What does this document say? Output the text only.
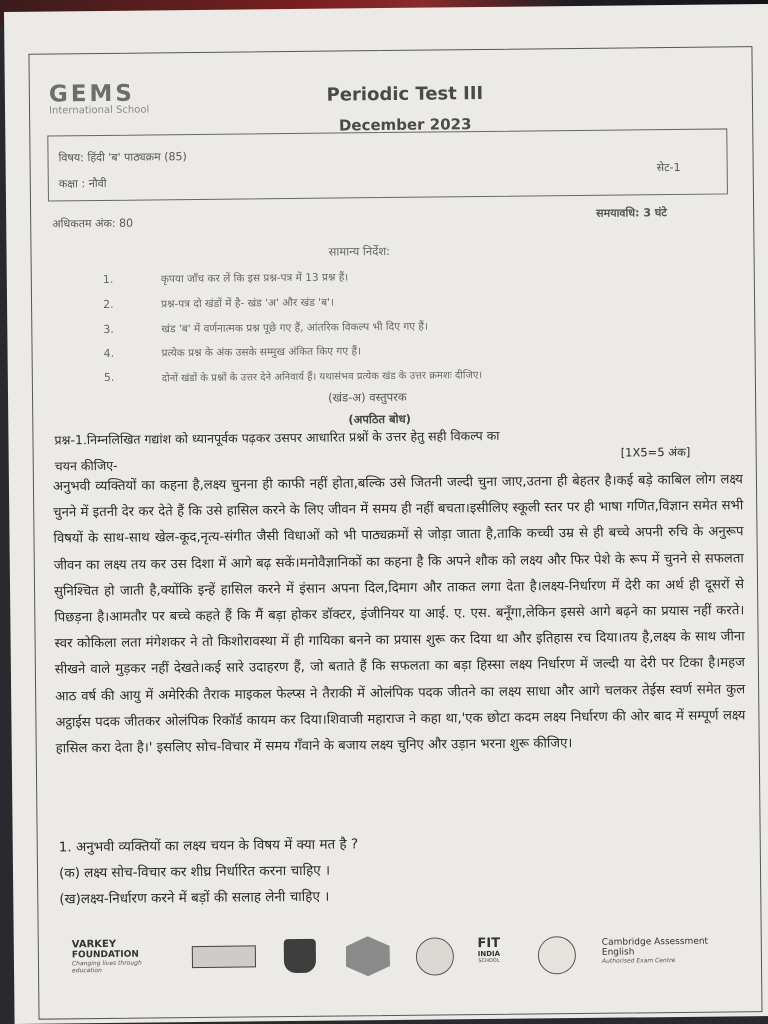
GEMS
International School
Periodic Test III
December 2023
विषय: हिंदी 'ब' पाठ्यक्रम (85)
कक्षा : नौवी
सेट-1
अधिकतम अंक: 80
समयावधि: 3 घंटे
सामान्य निर्देश:
1.	कृपया जाँच कर लें कि इस प्रश्न-पत्र में 13 प्रश्न हैं।
2.	प्रश्न-पत्र दो खंडों में है- खंड 'अ' और खंड 'ब'।
3.	खंड 'ब' में वर्णनात्मक प्रश्न पूछे गए हैं, आंतरिक विकल्प भी दिए गए हैं।
4.	प्रत्येक प्रश्न के अंक उसके सम्मुख अंकित किए गए हैं।
5.	दोनों खंडों के प्रश्नों के उत्तर देने अनिवार्य हैं। यथासंभव प्रत्येक खंड के उत्तर क्रमशः दीजिए।
(खंड-अ) वस्तुपरक
(अपठित बोध)
प्रश्न-1.निम्नलिखित गद्यांश को ध्यानपूर्वक पढ़कर उसपर आधारित प्रश्नों के उत्तर हेतु सही विकल्प का
चयन कीजिए-
[1X5=5 अंक]
अनुभवी व्यक्तियों का कहना है,लक्ष्य चुनना ही काफी नहीं होता,बल्कि उसे जितनी जल्दी चुना जाए,उतना ही बेहतर है।कई बड़े काबिल लोग लक्ष्य चुनने में इतनी देर कर देते हैं कि उसे हासिल करने के लिए जीवन में समय ही नहीं बचता।इसीलिए स्कूली स्तर पर ही भाषा गणित,विज्ञान समेत सभी विषयों के साथ-साथ खेल-कूद,नृत्य-संगीत जैसी विधाओं को भी पाठ्यक्रमों से जोड़ा जाता है,ताकि कच्ची उम्र से ही बच्चे अपनी रुचि के अनुरूप जीवन का लक्ष्य तय कर उस दिशा में आगे बढ़ सकें।मनोवैज्ञानिकों का कहना है कि अपने शौक को लक्ष्य और फिर पेशे के रूप में चुनने से सफलता सुनिश्चित हो जाती है,क्योंकि इन्हें हासिल करने में इंसान अपना दिल,दिमाग और ताकत लगा देता है।लक्ष्य-निर्धारण में देरी का अर्थ ही दूसरों से पिछड़ना है।आमतौर पर बच्चे कहते हैं कि मैं बड़ा होकर डॉक्टर, इंजीनियर या आई. ए. एस. बनूँगा,लेकिन इससे आगे बढ़ने का प्रयास नहीं करते।स्वर कोकिला लता मंगेशकर ने तो किशोरावस्था में ही गायिका बनने का प्रयास शुरू कर दिया था और इतिहास रच दिया।तय है,लक्ष्य के साथ जीना सीखने वाले मुड़कर नहीं देखते।कई सारे उदाहरण हैं, जो बताते हैं कि सफलता का बड़ा हिस्सा लक्ष्य निर्धारण में जल्दी या देरी पर टिका है।महज आठ वर्ष की आयु में अमेरिकी तैराक माइकल फेल्प्स ने तैराकी में ओलंपिक पदक जीतने का लक्ष्य साधा और आगे चलकर तेईस स्वर्ण समेत कुल अट्ठाईस पदक जीतकर ओलंपिक रिकॉर्ड कायम कर दिया।शिवाजी महाराज ने कहा था,'एक छोटा कदम लक्ष्य निर्धारण की ओर बाद में सम्पूर्ण लक्ष्य हासिल करा देता है।' इसलिए सोच-विचार में समय गँवाने के बजाय लक्ष्य चुनिए और उड़ान भरना शुरू कीजिए।
1. अनुभवी व्यक्तियों का लक्ष्य चयन के विषय में क्या मत है ?
(क) लक्ष्य सोच-विचार कर शीघ्र निर्धारित करना चाहिए ।
(ख)लक्ष्य-निर्धारण करने में बड़ों की सलाह लेनी चाहिए ।
VARKEY
FOUNDATION
Changing lives through education
FIT
INDIA
SCHOOL
Cambridge Assessment
English
Authorised Exam Centre
